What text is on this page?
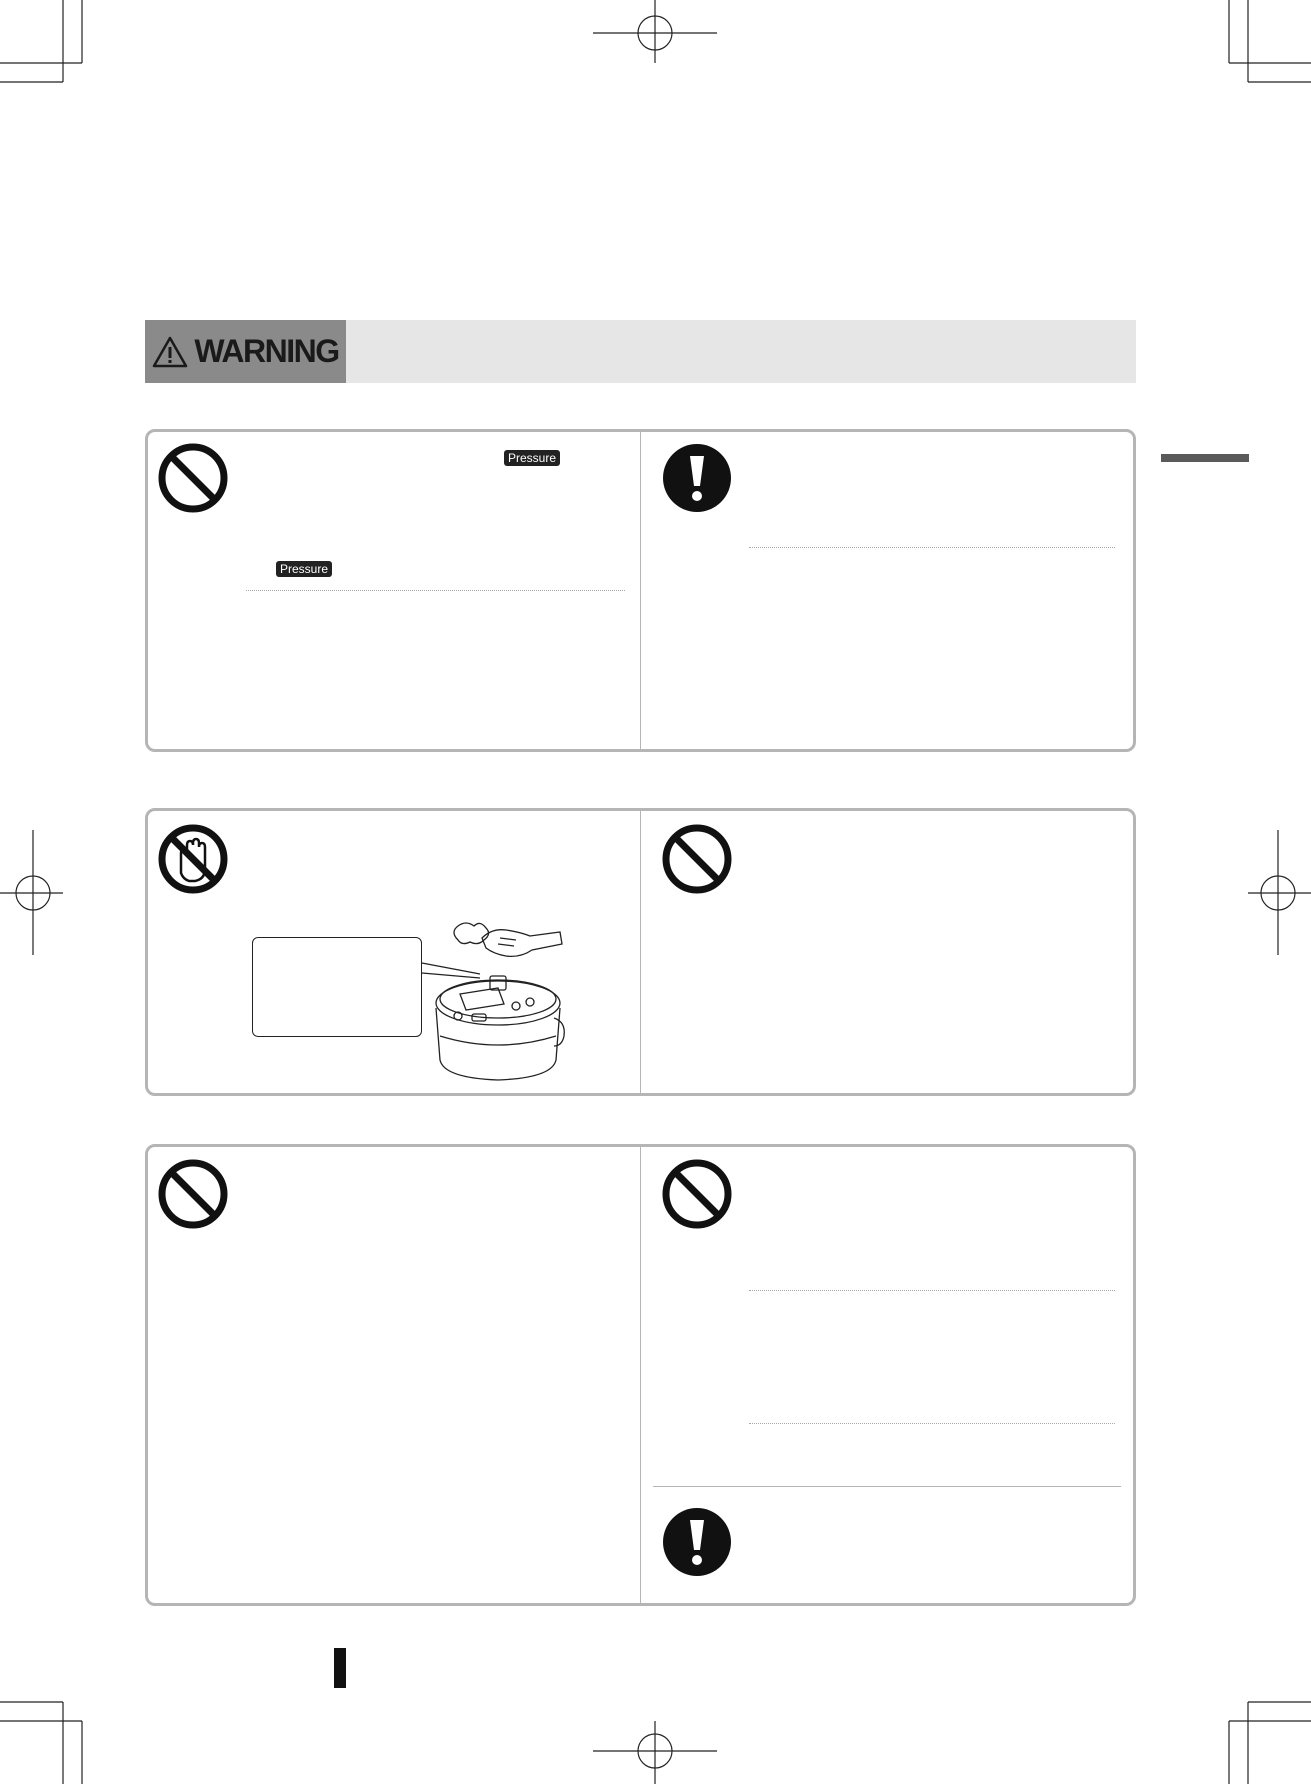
WARNING
Pressure
Pressure
